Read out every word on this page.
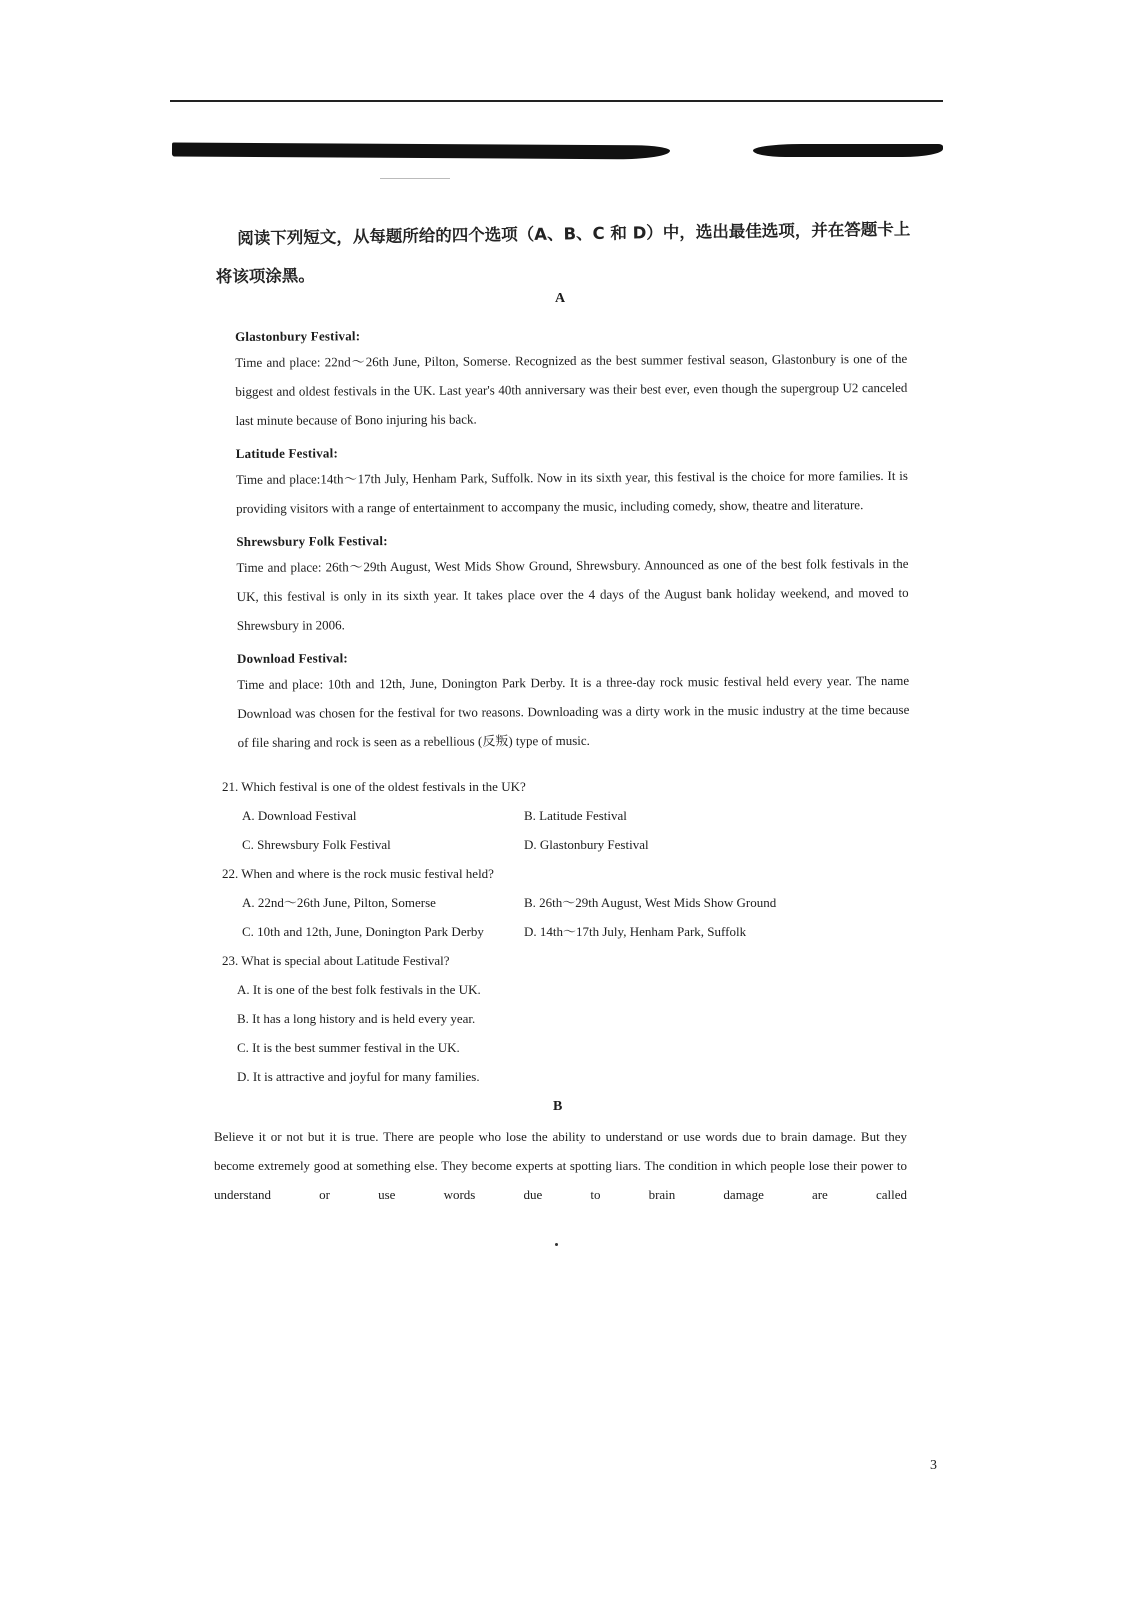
阅读下列短文，从每题所给的四个选项（A、B、C 和 D）中，选出最佳选项，并在答题卡上
将该项涂黑。
A

Glastonbury Festival:

Time and place: 22nd～26th June, Pilton, Somerse. Recognized as the best summer festival season, Glastonbury is one of the biggest and oldest festivals in the UK. Last year's 40th anniversary was their best ever, even though the supergroup U2 canceled last minute because of Bono injuring his back.

Latitude Festival:

Time and place:14th～17th July, Henham Park, Suffolk. Now in its sixth year, this festival is the choice for more families. It is providing visitors with a range of entertainment to accompany the music, including comedy, show, theatre and literature.

Shrewsbury Folk Festival:

Time and place: 26th～29th August, West Mids Show Ground, Shrewsbury. Announced as one of the best folk festivals in the UK, this festival is only in its sixth year. It takes place over the 4 days of the August bank holiday weekend, and moved to Shrewsbury in 2006.

Download Festival:

Time and place: 10th and 12th, June, Donington Park Derby. It is a three-day rock music festival held every year. The name Download was chosen for the festival for two reasons. Downloading was a dirty work in the music industry at the time because of file sharing and rock is seen as a rebellious (反叛) type of music.

21. Which festival is one of the oldest festivals in the UK?

A. Download Festival	B. Latitude Festival
C. Shrewsbury Folk Festival	D. Glastonbury Festival

22. When and where is the rock music festival held?

A. 22nd～26th June, Pilton, Somerse	B. 26th～29th August, West Mids Show Ground
C. 10th and 12th, June, Donington Park Derby	D. 14th～17th July, Henham Park, Suffolk

23. What is special about Latitude Festival?

A. It is one of the best folk festivals in the UK.
B. It has a long history and is held every year.
C. It is the best summer festival in the UK.
D. It is attractive and joyful for many families.
B
Believe it or not but it is true. There are people who lose the ability to understand or use words due to brain damage. But they become extremely good at something else. They become experts at spotting liars. The condition in which people lose their power to understand or use words due to brain damage are called
3
